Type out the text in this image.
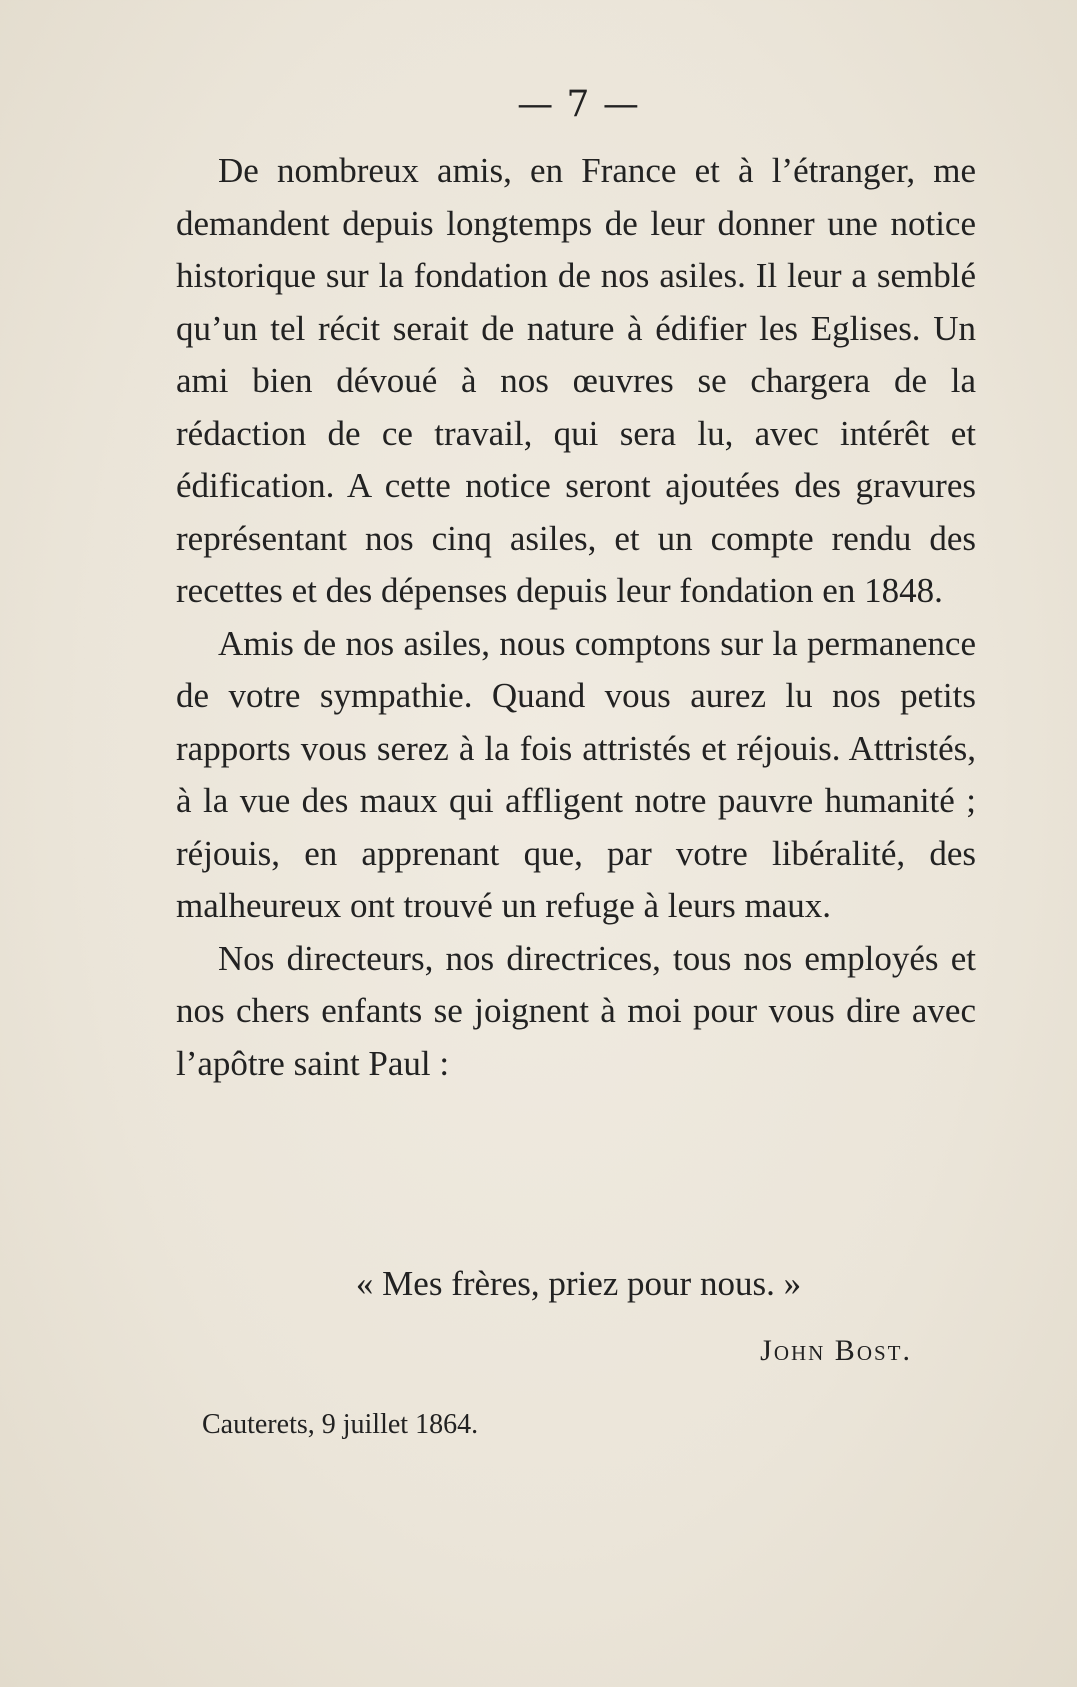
— 7 —

De nombreux amis, en France et à l’étranger, me demandent depuis longtemps de leur donner une notice historique sur la fondation de nos asiles. Il leur a semblé qu’un tel récit serait de nature à édifier les Eglises. Un ami bien dévoué à nos œuvres se chargera de la rédaction de ce travail, qui sera lu, avec intérêt et édification. A cette notice seront ajoutées des gravures représentant nos cinq asiles, et un compte rendu des recettes et des dépenses depuis leur fondation en 1848.

Amis de nos asiles, nous comptons sur la permanence de votre sympathie. Quand vous aurez lu nos petits rapports vous serez à la fois attristés et réjouis. Attristés, à la vue des maux qui affligent notre pauvre humanité ; réjouis, en apprenant que, par votre libéralité, des malheureux ont trouvé un refuge à leurs maux.

Nos directeurs, nos directrices, tous nos employés et nos chers enfants se joignent à moi pour vous dire avec l’apôtre saint Paul :

« Mes frères, priez pour nous. »
John Bost.
Cauterets, 9 juillet 1864.
